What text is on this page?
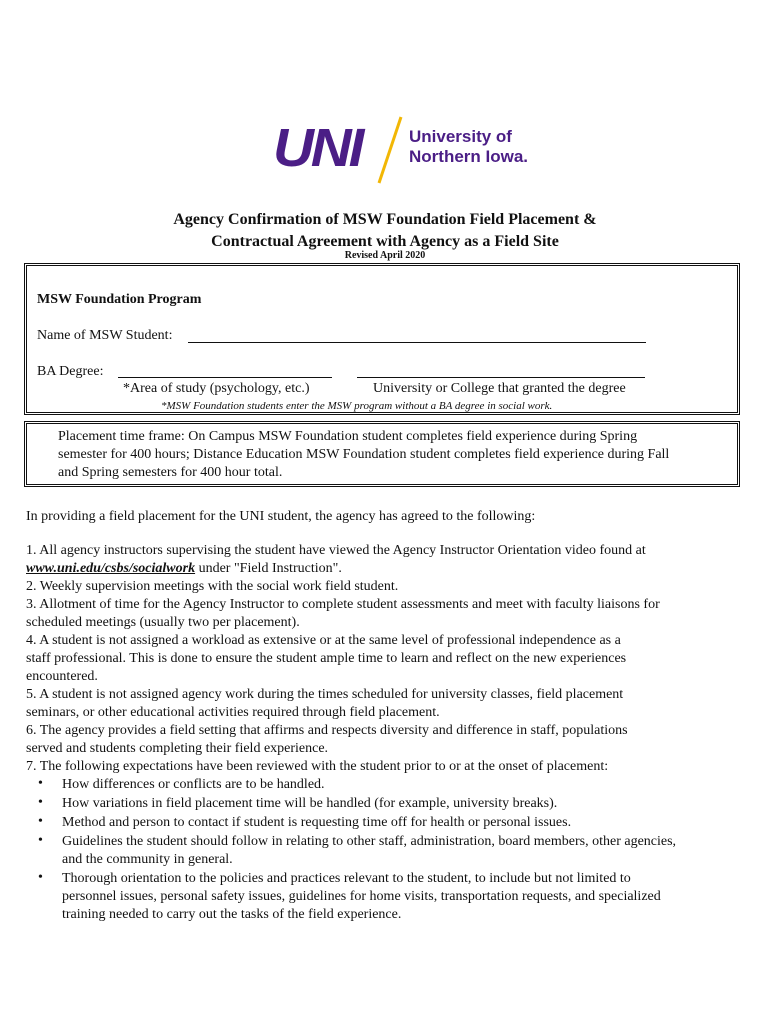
UNI	University of
Northern Iowa.
Agency Confirmation of MSW Foundation Field Placement &
Contractual Agreement with Agency as a Field Site
Revised April 2020
MSW Foundation Program
Name of MSW Student:
BA Degree:
*Area of study (psychology, etc.)	University or College that granted the degree
*MSW Foundation students enter the MSW program without a BA degree in social work.
Placement time frame: On Campus MSW Foundation student completes field experience during Spring
semester for 400 hours; Distance Education MSW Foundation student completes field experience during Fall
and Spring semesters for 400 hour total.
In providing a field placement for the UNI student, the agency has agreed to the following:
1. All agency instructors supervising the student have viewed the Agency Instructor Orientation video found at
www.uni.edu/csbs/socialwork under "Field Instruction".
2. Weekly supervision meetings with the social work field student.
3. Allotment of time for the Agency Instructor to complete student assessments and meet with faculty liaisons for
scheduled meetings (usually two per placement).
4. A student is not assigned a workload as extensive or at the same level of professional independence as a
staff professional. This is done to ensure the student ample time to learn and reflect on the new experiences
encountered.
5. A student is not assigned agency work during the times scheduled for university classes, field placement
seminars, or other educational activities required through field placement.
6. The agency provides a field setting that affirms and respects diversity and difference in staff, populations
served and students completing their field experience.
7. The following expectations have been reviewed with the student prior to or at the onset of placement:
• How differences or conflicts are to be handled.
• How variations in field placement time will be handled (for example, university breaks).
• Method and person to contact if student is requesting time off for health or personal issues.
• Guidelines the student should follow in relating to other staff, administration, board members, other agencies,
and the community in general.
• Thorough orientation to the policies and practices relevant to the student, to include but not limited to
personnel issues, personal safety issues, guidelines for home visits, transportation requests, and specialized
training needed to carry out the tasks of the field experience.
